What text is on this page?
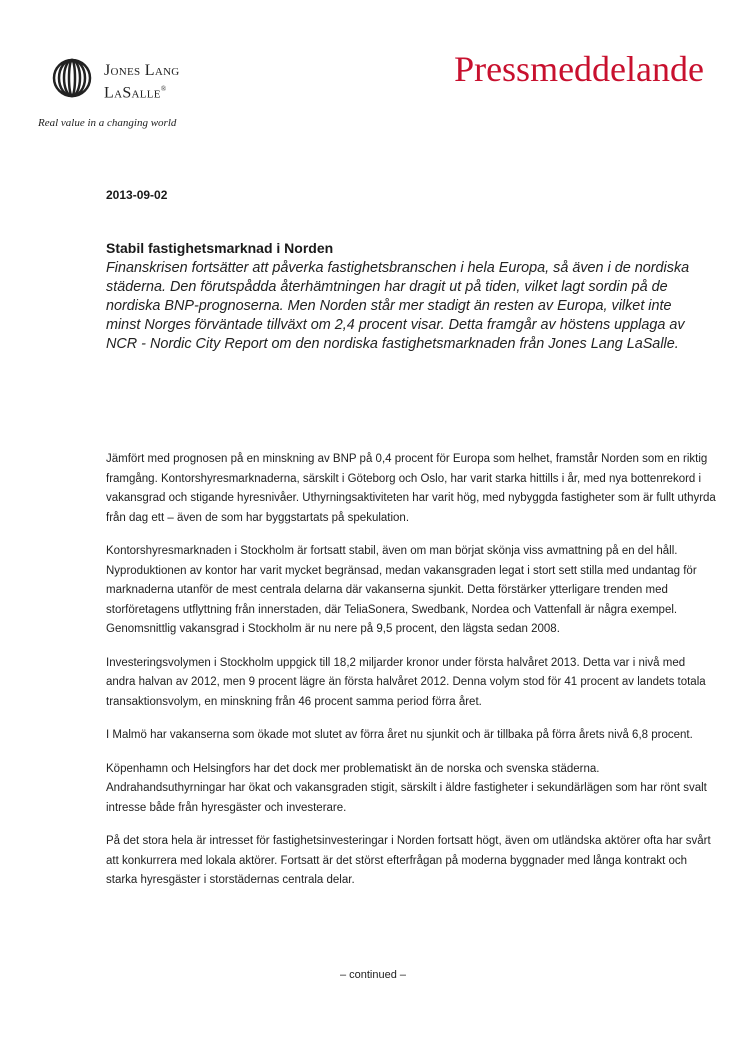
Jones Lang
LaSalle®
Real value in a changing world
Pressmeddelande
2013-09-02
Stabil fastighetsmarknad i Norden
Finanskrisen fortsätter att påverka fastighetsbranschen i hela Europa, så även i de nordiska städerna. Den förutspådda återhämtningen har dragit ut på tiden, vilket lagt sordin på de nordiska BNP-prognoserna. Men Norden står mer stadigt än resten av Europa, vilket inte minst Norges förväntade tillväxt om 2,4 procent visar. Detta framgår av höstens upplaga av NCR - Nordic City Report om den nordiska fastighetsmarknaden från Jones Lang LaSalle.

Jämfört med prognosen på en minskning av BNP på 0,4 procent för Europa som helhet, framstår Norden som en riktig framgång. Kontorshyresmarknaderna, särskilt i Göteborg och Oslo, har varit starka hittills i år, med nya bottenrekord i vakansgrad och stigande hyresnivåer. Uthyrningsaktiviteten har varit hög, med nybyggda fastigheter som är fullt uthyrda från dag ett – även de som har byggstartats på spekulation.

Kontorshyresmarknaden i Stockholm är fortsatt stabil, även om man börjat skönja viss avmattning på en del håll. Nyproduktionen av kontor har varit mycket begränsad, medan vakansgraden legat i stort sett stilla med undantag för marknaderna utanför de mest centrala delarna där vakanserna sjunkit. Detta förstärker ytterligare trenden med storföretagens utflyttning från innerstaden, där TeliaSonera, Swedbank, Nordea och Vattenfall är några exempel. Genomsnittlig vakansgrad i Stockholm är nu nere på 9,5 procent, den lägsta sedan 2008.

Investeringsvolymen i Stockholm uppgick till 18,2 miljarder kronor under första halvåret 2013. Detta var i nivå med andra halvan av 2012, men 9 procent lägre än första halvåret 2012. Denna volym stod för 41 procent av landets totala transaktionsvolym, en minskning från 46 procent samma period förra året.

I Malmö har vakanserna som ökade mot slutet av förra året nu sjunkit och är tillbaka på förra årets nivå 6,8 procent.

Köpenhamn och Helsingfors har det dock mer problematiskt än de norska och svenska städerna. Andrahandsuthyrningar har ökat och vakansgraden stigit, särskilt i äldre fastigheter i sekundärlägen som har rönt svalt intresse både från hyresgäster och investerare.

På det stora hela är intresset för fastighetsinvesteringar i Norden fortsatt högt, även om utländska aktörer ofta har svårt att konkurrera med lokala aktörer. Fortsatt är det störst efterfrågan på moderna byggnader med långa kontrakt och starka hyresgäster i storstädernas centrala delar.

– continued –
